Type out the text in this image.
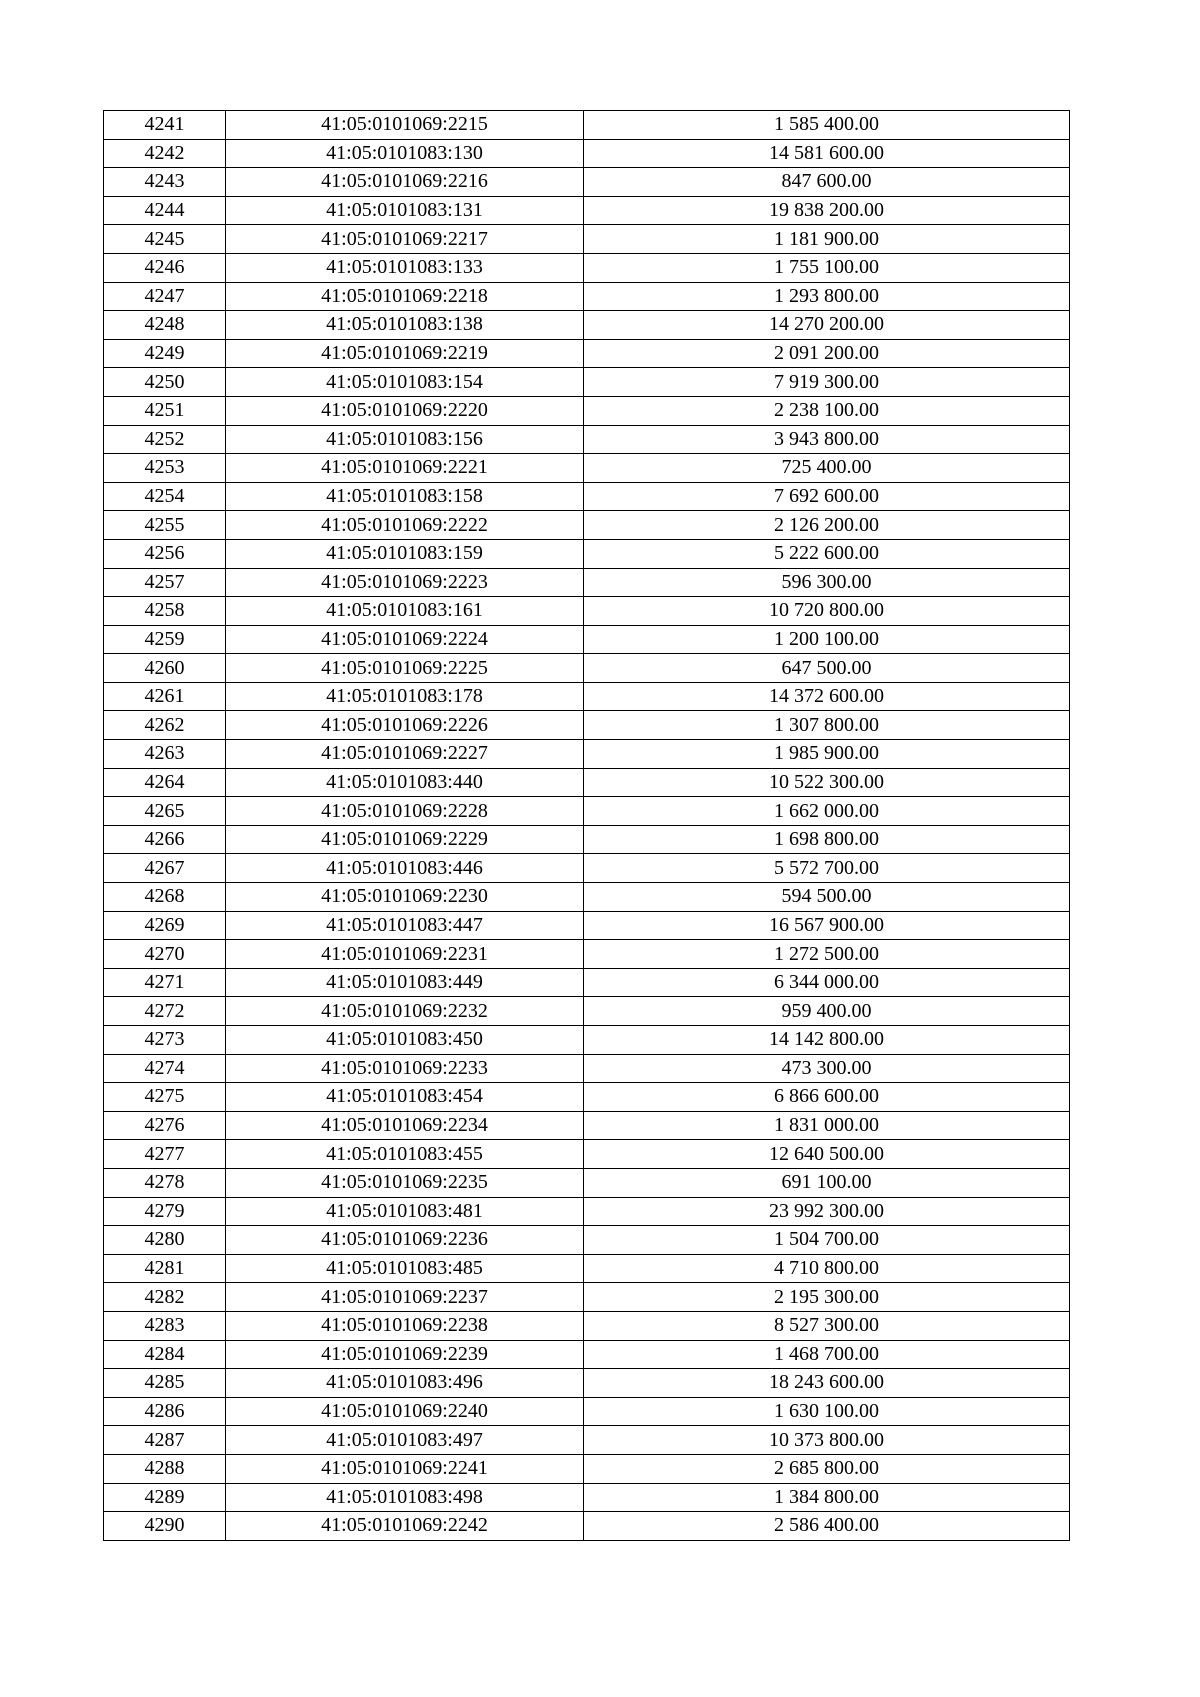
4241	41:05:0101069:2215	1 585 400.00
4242	41:05:0101083:130	14 581 600.00
4243	41:05:0101069:2216	847 600.00
4244	41:05:0101083:131	19 838 200.00
4245	41:05:0101069:2217	1 181 900.00
4246	41:05:0101083:133	1 755 100.00
4247	41:05:0101069:2218	1 293 800.00
4248	41:05:0101083:138	14 270 200.00
4249	41:05:0101069:2219	2 091 200.00
4250	41:05:0101083:154	7 919 300.00
4251	41:05:0101069:2220	2 238 100.00
4252	41:05:0101083:156	3 943 800.00
4253	41:05:0101069:2221	725 400.00
4254	41:05:0101083:158	7 692 600.00
4255	41:05:0101069:2222	2 126 200.00
4256	41:05:0101083:159	5 222 600.00
4257	41:05:0101069:2223	596 300.00
4258	41:05:0101083:161	10 720 800.00
4259	41:05:0101069:2224	1 200 100.00
4260	41:05:0101069:2225	647 500.00
4261	41:05:0101083:178	14 372 600.00
4262	41:05:0101069:2226	1 307 800.00
4263	41:05:0101069:2227	1 985 900.00
4264	41:05:0101083:440	10 522 300.00
4265	41:05:0101069:2228	1 662 000.00
4266	41:05:0101069:2229	1 698 800.00
4267	41:05:0101083:446	5 572 700.00
4268	41:05:0101069:2230	594 500.00
4269	41:05:0101083:447	16 567 900.00
4270	41:05:0101069:2231	1 272 500.00
4271	41:05:0101083:449	6 344 000.00
4272	41:05:0101069:2232	959 400.00
4273	41:05:0101083:450	14 142 800.00
4274	41:05:0101069:2233	473 300.00
4275	41:05:0101083:454	6 866 600.00
4276	41:05:0101069:2234	1 831 000.00
4277	41:05:0101083:455	12 640 500.00
4278	41:05:0101069:2235	691 100.00
4279	41:05:0101083:481	23 992 300.00
4280	41:05:0101069:2236	1 504 700.00
4281	41:05:0101083:485	4 710 800.00
4282	41:05:0101069:2237	2 195 300.00
4283	41:05:0101069:2238	8 527 300.00
4284	41:05:0101069:2239	1 468 700.00
4285	41:05:0101083:496	18 243 600.00
4286	41:05:0101069:2240	1 630 100.00
4287	41:05:0101083:497	10 373 800.00
4288	41:05:0101069:2241	2 685 800.00
4289	41:05:0101083:498	1 384 800.00
4290	41:05:0101069:2242	2 586 400.00
